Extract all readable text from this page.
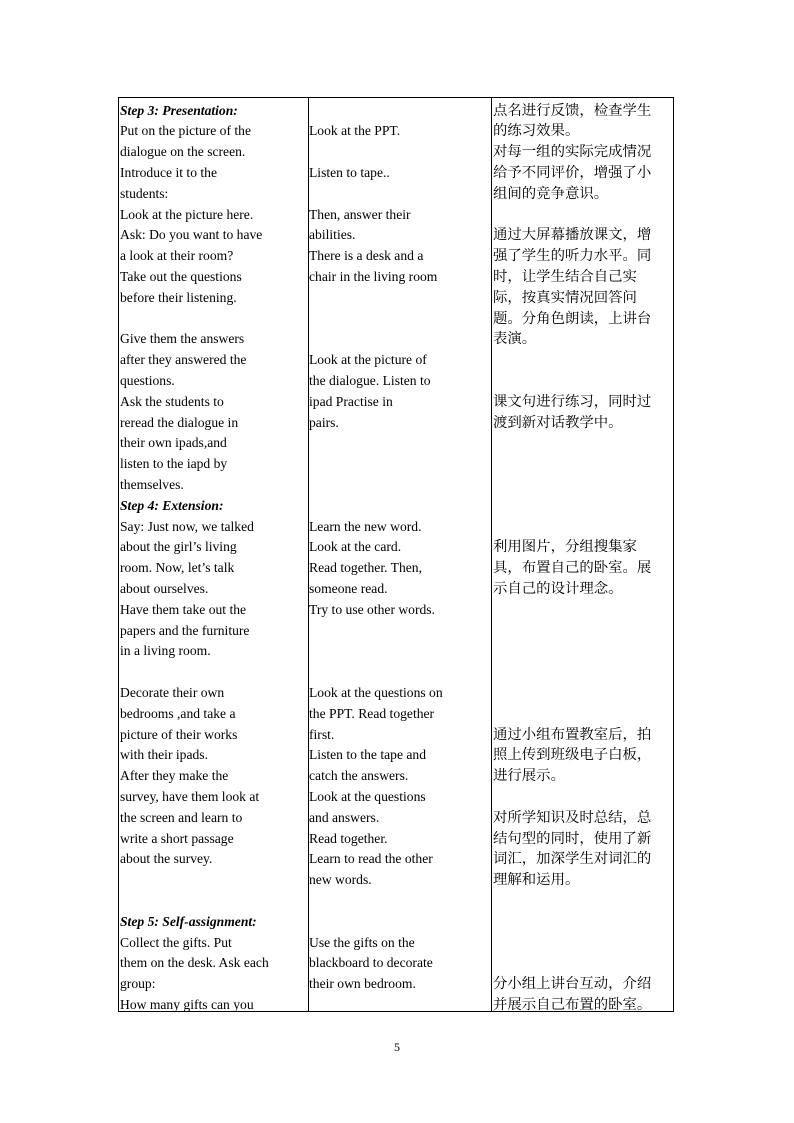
Step 3: Presentation:
Put on the picture of the
dialogue on the screen.
Introduce it to the
students:
Look at the picture here.
Ask: Do you want to have
a look at their room?
Take out the questions
before their listening.
Give them the answers
after they answered the
questions.
Ask the students to
reread the dialogue in
their own ipads,and
listen to the iapd by
themselves.
Step 4: Extension:
Say: Just now, we talked
about the girl’s living
room. Now, let’s talk
about ourselves.
Have them take out the
papers and the furniture
in a living room.
Decorate their own
bedrooms ,and take a
picture of their works
with their ipads.
After they make the
survey, have them look at
the screen and learn to
write a short passage
about the survey.
Step 5: Self-assignment:
Collect the gifts. Put
them on the desk. Ask each
group:
How many gifts can you
Look at the PPT.
Listen to tape..
Then, answer their
abilities.
There is a desk and a
chair in the living room
Look at the picture of
the dialogue. Listen to
ipad Practise in
pairs.
Learn the new word.
Look at the card.
Read together. Then,
someone read.
Try to use other words.
Look at the questions on
the PPT. Read together
first.
Listen to the tape and
catch the answers.
Look at the questions
and answers.
Read together.
Learn to read the other
new words.
Use the gifts on the
blackboard to decorate
their own bedroom.
点名进行反馈，检查学生
的练习效果。
对每一组的实际完成情况
给予不同评价，增强了小
组间的竞争意识。
通过大屏幕播放课文，增
强了学生的听力水平。同
时，让学生结合自己实
际，按真实情况回答问
题。分角色朗读，上讲台
表演。
课文句进行练习，同时过
渡到新对话教学中。
利用图片，分组搜集家
具，布置自己的卧室。展
示自己的设计理念。
通过小组布置教室后，拍
照上传到班级电子白板，
进行展示。
对所学知识及时总结，总
结句型的同时，使用了新
词汇，加深学生对词汇的
理解和运用。
分小组上讲台互动，介绍
并展示自己布置的卧室。
5
